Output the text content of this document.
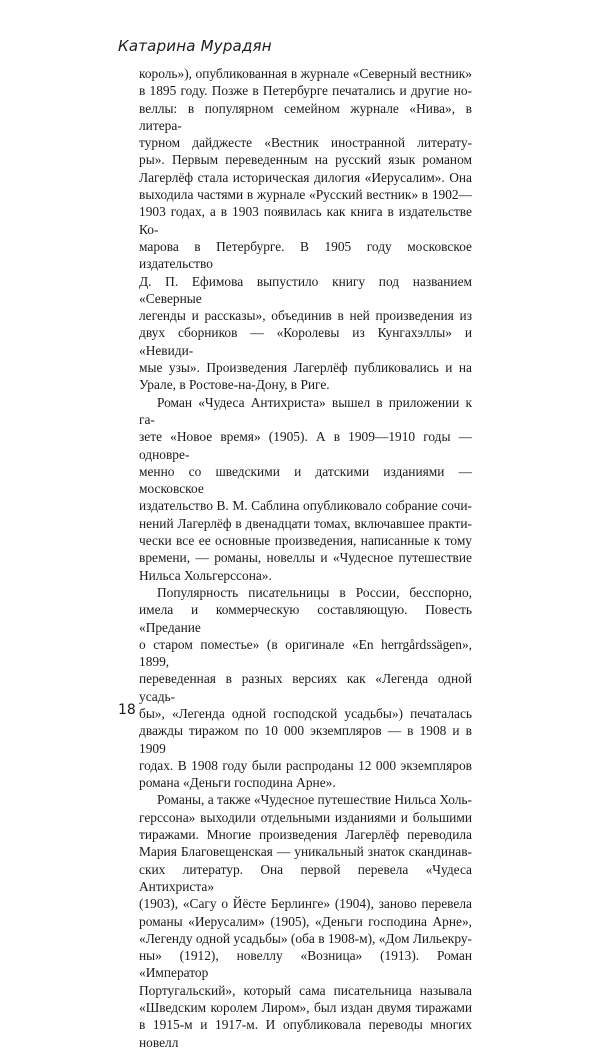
Катарина Мурадян

король»), опубликованная в журнале «Северный вестник»

в 1895 году. Позже в Петербурге печатались и другие но-

веллы: в популярном семейном журнале «Нива», в литера-

турном дайджесте «Вестник иностранной литерату-

ры». Первым переведенным на русский язык романом

Лагерлёф стала историческая дилогия «Иерусалим». Она

выходила частями в журнале «Русский вестник» в 1902—

1903 годах, а в 1903 появилась как книга в издательстве Ко-

марова в Петербурге. В 1905 году московское издательство

Д. П. Ефимова выпустило книгу под названием «Северные

легенды и рассказы», объединив в ней произведения из

двух сборников — «Королевы из Кунгахэллы» и «Невиди-

мые узы». Произведения Лагерлёф публиковались и на

Урале, в Ростове-на-Дону, в Риге.

Роман «Чудеса Антихриста» вышел в приложении к га-

зете «Новое время» (1905). А в 1909—1910 годы — одновре-

менно со шведскими и датскими изданиями — московское

издательство В. М. Саблина опубликовало собрание сочи-

нений Лагерлёф в двенадцати томах, включавшее практи-

чески все ее основные произведения, написанные к тому

времени, — романы, новеллы и «Чудесное путешествие

Нильса Хольгерссона».

Популярность писательницы в России, бесспорно,

имела и коммерческую составляющую. Повесть «Предание

о старом поместье» (в оригинале «En herrgårdssägen», 1899,

переведенная в разных версиях как «Легенда одной усадь-

бы», «Легенда одной господской усадьбы») печаталась

дважды тиражом по 10 000 экземпляров — в 1908 и в 1909

годах. В 1908 году были распроданы 12 000 экземпляров

романа «Деньги господина Арне».

Романы, а также «Чудесное путешествие Нильса Холь-

герссона» выходили отдельными изданиями и большими

тиражами. Многие произведения Лагерлёф переводила

Мария Благовещенская — уникальный знаток скандинав-

ских литератур. Она первой перевела «Чудеса Антихриста»

(1903), «Сагу о Йёсте Берлинге» (1904), заново перевела

романы «Иерусалим» (1905), «Деньги господина Арне»,

«Легенду одной усадьбы» (оба в 1908-м), «Дом Лильекру-

ны» (1912), новеллу «Возница» (1913). Роман «Император

Португальский», который сама писательница называла

«Шведским королем Лиром», был издан двумя тиражами

в 1915-м и 1917-м. И опубликовала переводы многих новелл

18
